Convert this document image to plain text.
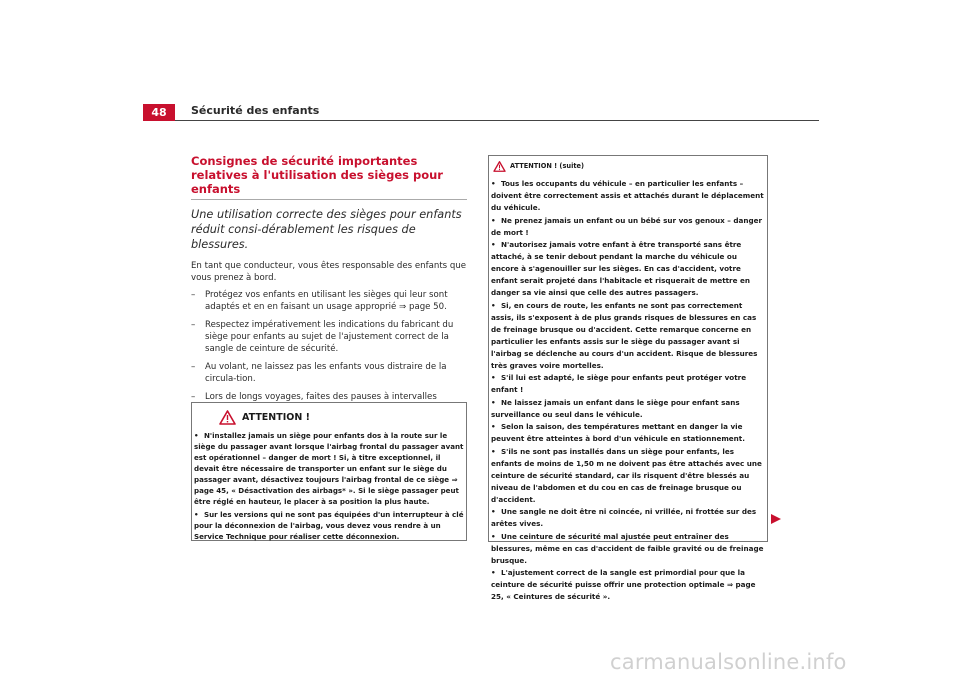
48	Sécurité des enfants
Consignes de sécurité importantes relatives à l'utilisation des sièges pour enfants

Une utilisation correcte des sièges pour enfants réduit consi-dérablement les risques de blessures.

En tant que conducteur, vous êtes responsable des enfants que vous prenez à bord.
– Protégez vos enfants en utilisant les sièges qui leur sont adaptés et en en faisant un usage approprié ⇒ page 50.
– Respectez impérativement les indications du fabricant du siège pour enfants au sujet de l'ajustement correct de la sangle de ceinture de sécurité.
– Au volant, ne laissez pas les enfants vous distraire de la circula-tion.
– Lors de longs voyages, faites des pauses à intervalles
ATTENTION !
• N'installez jamais un siège pour enfants dos à la route sur le siège du passager avant lorsque l'airbag frontal du passager avant est opérationnel – danger de mort ! Si, à titre exceptionnel, il devait être nécessaire de transporter un enfant sur le siège du passager avant, désactivez toujours l'airbag frontal de ce siège ⇒ page 45, « Désactivation des airbags* ». Si le siège passager peut être réglé en hauteur, le placer à sa position la plus haute.
• Sur les versions qui ne sont pas équipées d'un interrupteur à clé pour la déconnexion de l'airbag, vous devez vous rendre à un Service Technique pour réaliser cette déconnexion.
ATTENTION ! (suite)
• Tous les occupants du véhicule – en particulier les enfants – doivent être correctement assis et attachés durant le déplacement du véhicule.
• Ne prenez jamais un enfant ou un bébé sur vos genoux – danger de mort !
• N'autorisez jamais votre enfant à être transporté sans être attaché, à se tenir debout pendant la marche du véhicule ou encore à s'agenouiller sur les sièges. En cas d'accident, votre enfant serait projeté dans l'habitacle et risquerait de mettre en danger sa vie ainsi que celle des autres passagers.
• Si, en cours de route, les enfants ne sont pas correctement assis, ils s'exposent à de plus grands risques de blessures en cas de freinage brusque ou d'accident. Cette remarque concerne en particulier les enfants assis sur le siège du passager avant si l'airbag se déclenche au cours d'un accident. Risque de blessures très graves voire mortelles.
• S'il lui est adapté, le siège pour enfants peut protéger votre enfant !
• Ne laissez jamais un enfant dans le siège pour enfant sans surveillance ou seul dans le véhicule.
• Selon la saison, des températures mettant en danger la vie peuvent être atteintes à bord d'un véhicule en stationnement.
• S'ils ne sont pas installés dans un siège pour enfants, les enfants de moins de 1,50 m ne doivent pas être attachés avec une ceinture de sécurité standard, car ils risquent d'être blessés au niveau de l'abdomen et du cou en cas de freinage brusque ou d'accident.
• Une sangle ne doit être ni coincée, ni vrillée, ni frottée sur des arêtes vives.
• Une ceinture de sécurité mal ajustée peut entraîner des blessures, même en cas d'accident de faible gravité ou de freinage brusque.
• L'ajustement correct de la sangle est primordial pour que la ceinture de sécurité puisse offrir une protection optimale ⇒ page 25, « Ceintures de sécurité ».
carmanualsonline.info
